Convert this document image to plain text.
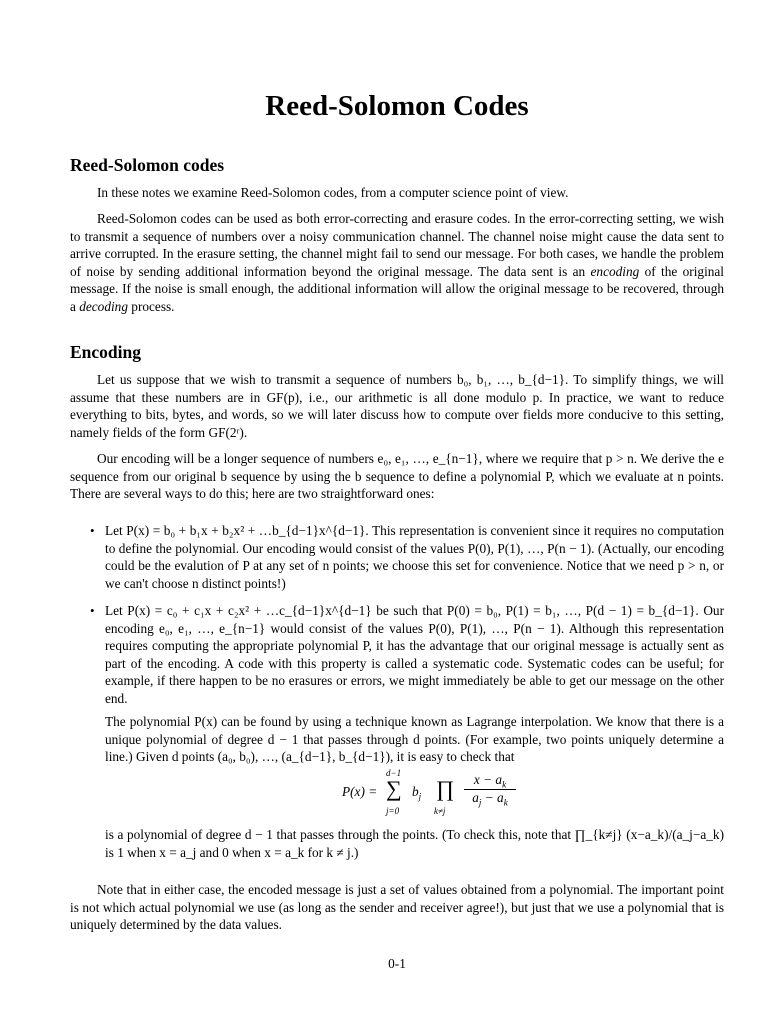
Reed-Solomon Codes
Reed-Solomon codes

In these notes we examine Reed-Solomon codes, from a computer science point of view.

Reed-Solomon codes can be used as both error-correcting and erasure codes. In the error-correcting setting, we wish to transmit a sequence of numbers over a noisy communication channel. The channel noise might cause the data sent to arrive corrupted. In the erasure setting, the channel might fail to send our message. For both cases, we handle the problem of noise by sending additional information beyond the original message. The data sent is an encoding of the original message. If the noise is small enough, the additional information will allow the original message to be recovered, through a decoding process.

Encoding

Let us suppose that we wish to transmit a sequence of numbers b₀, b₁, …, b_{d−1}. To simplify things, we will assume that these numbers are in GF(p), i.e., our arithmetic is all done modulo p. In practice, we want to reduce everything to bits, bytes, and words, so we will later discuss how to compute over fields more conducive to this setting, namely fields of the form GF(2ʳ).

Our encoding will be a longer sequence of numbers e₀, e₁, …, e_{n−1}, where we require that p > n. We derive the e sequence from our original b sequence by using the b sequence to define a polynomial P, which we evaluate at n points. There are several ways to do this; here are two straightforward ones:

• Let P(x) = b₀ + b₁x + b₂x² + …b_{d−1}x^{d−1}. This representation is convenient since it requires no computation to define the polynomial. Our encoding would consist of the values P(0), P(1), …, P(n − 1). (Actually, our encoding could be the evalution of P at any set of n points; we choose this set for convenience. Notice that we need p > n, or we can't choose n distinct points!)
• Let P(x) = c₀ + c₁x + c₂x² + …c_{d−1}x^{d−1} be such that P(0) = b₀, P(1) = b₁, …, P(d − 1) = b_{d−1}. Our encoding e₀, e₁, …, e_{n−1} would consist of the values P(0), P(1), …, P(n − 1). Although this representation requires computing the appropriate polynomial P, it has the advantage that our original message is actually sent as part of the encoding. A code with this property is called a systematic code. Systematic codes can be useful; for example, if there happen to be no erasures or errors, we might immediately be able to get our message on the other end.
The polynomial P(x) can be found by using a technique known as Lagrange interpolation. We know that there is a unique polynomial of degree d − 1 that passes through d points. (For example, two points uniquely determine a line.) Given d points (a₀, b₀), …, (a_{d−1}, b_{d−1}), it is easy to check that
P(x) =
d−1
∑
j=0
$b_j$ ∏
k≠j
$\frac{x - a_k}{a_j - a_k}$
is a polynomial of degree d − 1 that passes through the points. (To check this, note that ∏_{k≠j} (x−a_k)/(a_j−a_k) is 1 when x = a_j and 0 when x = a_k for k ≠ j.)

Note that in either case, the encoded message is just a set of values obtained from a polynomial. The important point is not which actual polynomial we use (as long as the sender and receiver agree!), but just that we use a polynomial that is uniquely determined by the data values.

0-1
